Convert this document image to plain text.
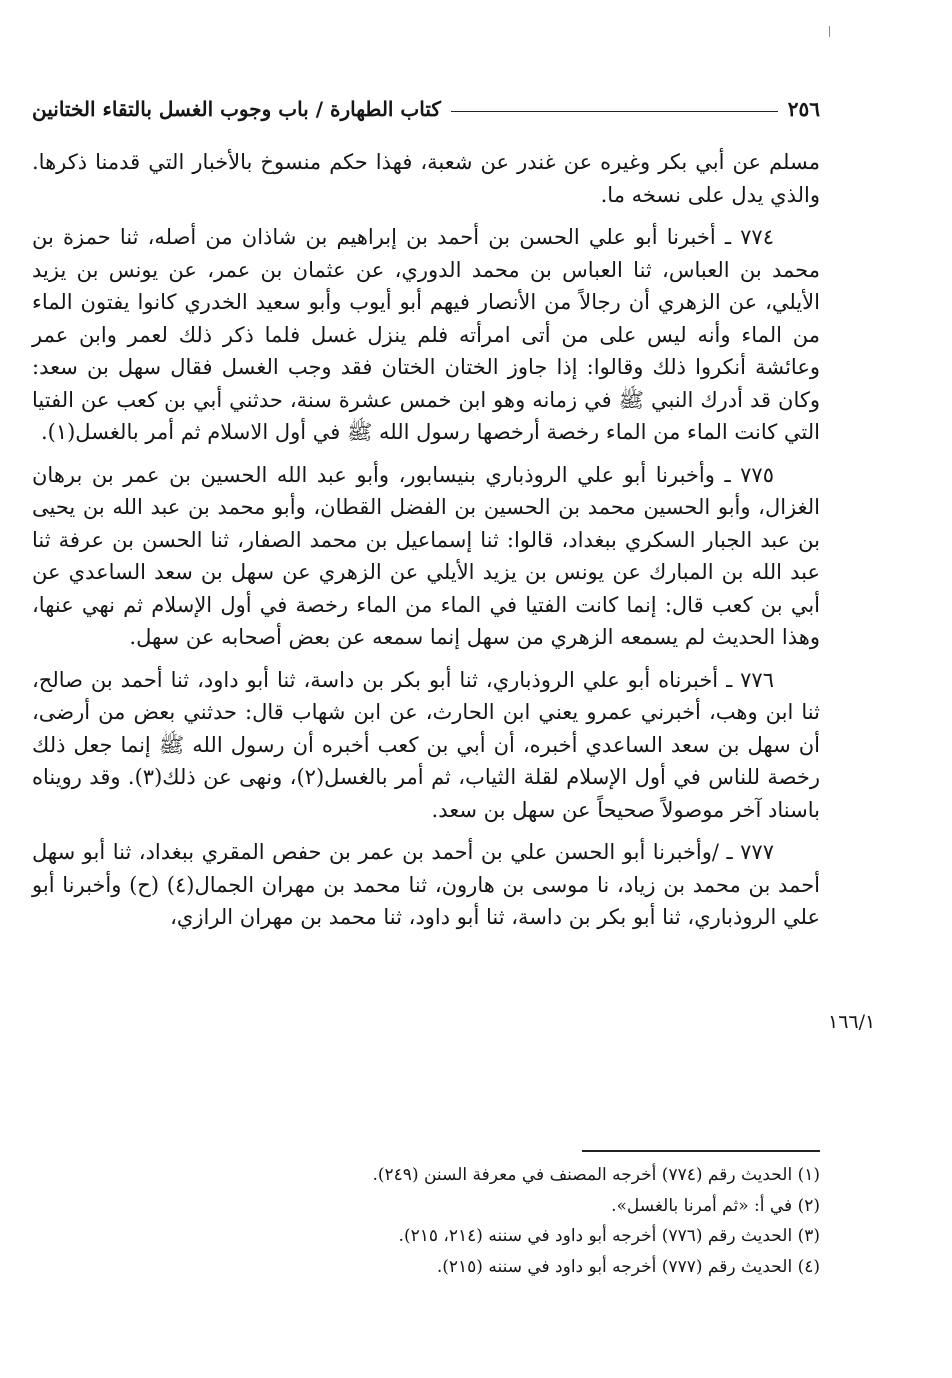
٢٥٦
كتاب الطهارة / باب وجوب الغسل بالتقاء الختانين

مسلم عن أبي بكر وغيره عن غندر عن شعبة، فهذا حكم منسوخ بالأخبار التي قدمنا ذكرها. والذي يدل على نسخه ما.

٧٧٤ ـ أخبرنا أبو علي الحسن بن أحمد بن إبراهيم بن شاذان من أصله، ثنا حمزة بن محمد بن العباس، ثنا العباس بن محمد الدوري، عن عثمان بن عمر، عن يونس بن يزيد الأيلي، عن الزهري أن رجالاً من الأنصار فيهم أبو أيوب وأبو سعيد الخدري كانوا يفتون الماء من الماء وأنه ليس على من أتى امرأته فلم ينزل غسل فلما ذكر ذلك لعمر وابن عمر وعائشة أنكروا ذلك وقالوا: إذا جاوز الختان الختان فقد وجب الغسل فقال سهل بن سعد: وكان قد أدرك النبي ﷺ في زمانه وهو ابن خمس عشرة سنة، حدثني أبي بن كعب عن الفتيا التي كانت الماء من الماء رخصة أرخصها رسول الله ﷺ في أول الاسلام ثم أمر بالغسل(١).

٧٧٥ ـ وأخبرنا أبو علي الروذباري بنيسابور، وأبو عبد الله الحسين بن عمر بن برهان الغزال، وأبو الحسين محمد بن الحسين بن الفضل القطان، وأبو محمد بن عبد الله بن يحيى بن عبد الجبار السكري ببغداد، قالوا: ثنا إسماعيل بن محمد الصفار، ثنا الحسن بن عرفة ثنا عبد الله بن المبارك عن يونس بن يزيد الأيلي عن الزهري عن سهل بن سعد الساعدي عن أبي بن كعب قال: إنما كانت الفتيا في الماء من الماء رخصة في أول الإسلام ثم نهي عنها، وهذا الحديث لم يسمعه الزهري من سهل إنما سمعه عن بعض أصحابه عن سهل.

٧٧٦ ـ أخبرناه أبو علي الروذباري، ثنا أبو بكر بن داسة، ثنا أبو داود، ثنا أحمد بن صالح، ثنا ابن وهب، أخبرني عمرو يعني ابن الحارث، عن ابن شهاب قال: حدثني بعض من أرضى، أن سهل بن سعد الساعدي أخبره، أن أبي بن كعب أخبره أن رسول الله ﷺ إنما جعل ذلك رخصة للناس في أول الإسلام لقلة الثياب، ثم أمر بالغسل(٢)، ونهى عن ذلك(٣). وقد رويناه باسناد آخر موصولاً صحيحاً عن سهل بن سعد.

٧٧٧ ـ /وأخبرنا أبو الحسن علي بن أحمد بن عمر بن حفص المقري ببغداد، ثنا أبو سهل أحمد بن محمد بن زياد، نا موسى بن هارون، ثنا محمد بن مهران الجمال(٤) (ح) وأخبرنا أبو علي الروذباري، ثنا أبو بكر بن داسة، ثنا أبو داود، ثنا محمد بن مهران الرازي،

١٦٦/١

(١) الحديث رقم (٧٧٤) أخرجه المصنف في معرفة السنن (٢٤٩).

(٢) في أ: «ثم أمرنا بالغسل».

(٣) الحديث رقم (٧٧٦) أخرجه أبو داود في سننه (٢١٤، ٢١٥).

(٤) الحديث رقم (٧٧٧) أخرجه أبو داود في سننه (٢١٥).
